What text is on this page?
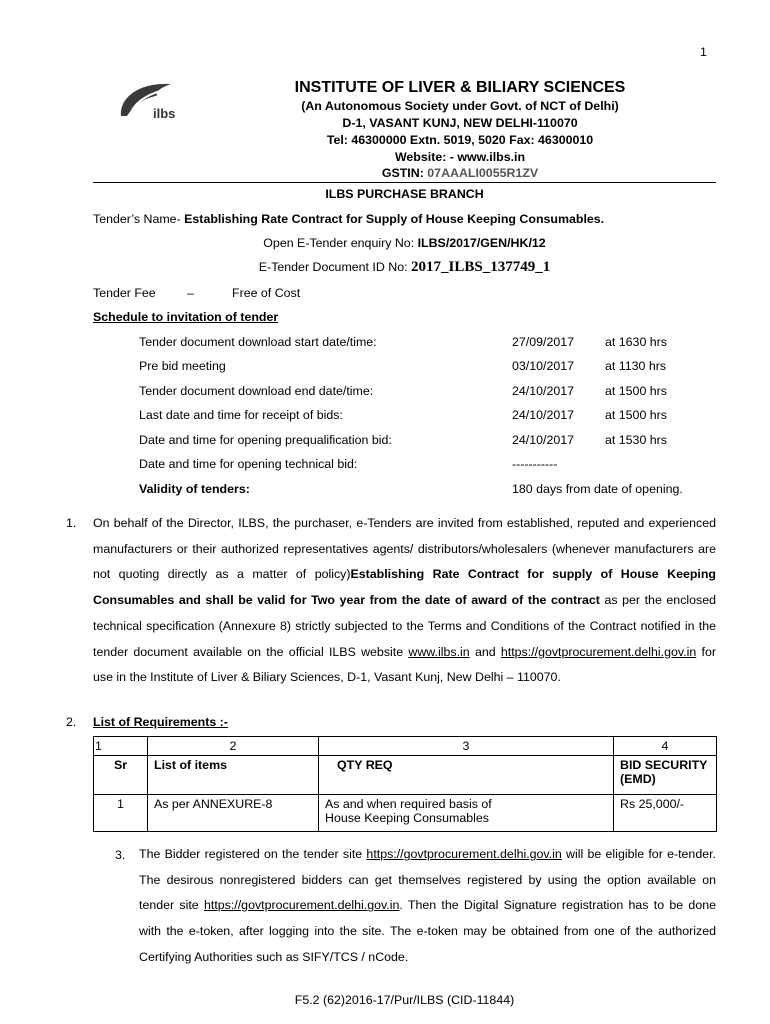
1
ilbs
INSTITUTE OF LIVER & BILIARY SCIENCES
(An Autonomous Society under Govt. of NCT of Delhi)
D-1, VASANT KUNJ, NEW DELHI-110070
Tel: 46300000 Extn. 5019, 5020 Fax: 46300010
Website: - www.ilbs.in
GSTIN: 07AAALI0055R1ZV
ILBS PURCHASE BRANCH
Tender’s Name- Establishing Rate Contract for Supply of House Keeping Consumables.
Open E-Tender enquiry No: ILBS/2017/GEN/HK/12
E-Tender Document ID No: 2017_ILBS_137749_1
Tender Fee	–	Free of Cost
Schedule to invitation of tender
Tender document download start date/time:	27/09/2017 at 1630 hrs
Pre bid meeting	03/10/2017 at 1130 hrs
Tender document download end date/time:	24/10/2017 at 1500 hrs
Last date and time for receipt of bids:	24/10/2017 at 1500 hrs
Date and time for opening prequalification bid:	24/10/2017 at 1530 hrs
Date and time for opening technical bid:	-----------
Validity of tenders:	180 days from date of opening.
1. On behalf of the Director, ILBS, the purchaser, e-Tenders are invited from established, reputed and experienced manufacturers or their authorized representatives agents/ distributors/wholesalers (whenever manufacturers are not quoting directly as a matter of policy)Establishing Rate Contract for supply of House Keeping Consumables and shall be valid for Two year from the date of award of the contract as per the enclosed technical specification (Annexure 8) strictly subjected to the Terms and Conditions of the Contract notified in the tender document available on the official ILBS website www.ilbs.in and https://govtprocurement.delhi.gov.in for use in the Institute of Liver & Biliary Sciences, D-1, Vasant Kunj, New Delhi – 110070.
2. List of Requirements :-
1	2	3	4
Sr	List of items	QTY REQ	BID SECURITY (EMD)
1	As per ANNEXURE-8	As and when required basis of House Keeping Consumables	Rs 25,000/-
3. The Bidder registered on the tender site https://govtprocurement.delhi.gov.in will be eligible for e-tender. The desirous nonregistered bidders can get themselves registered by using the option available on tender site https://govtprocurement.delhi.gov.in. Then the Digital Signature registration has to be done with the e-token, after logging into the site. The e-token may be obtained from one of the authorized Certifying Authorities such as SIFY/TCS / nCode.
F5.2 (62)2016-17/Pur/ILBS (CID-11844)
